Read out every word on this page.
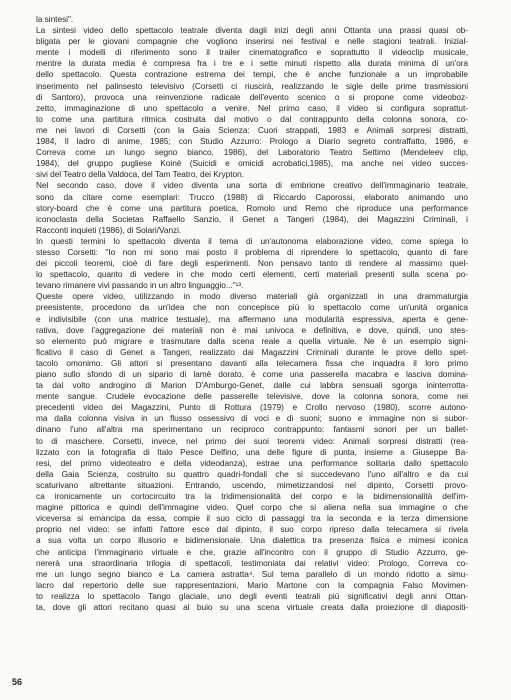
la sintesi".
La sintesi video dello spettacolo teatrale diventa dagli inizi degli anni Ottanta una prassi quasi ob-
bligata per le giovani compagnie che vogliono inserirsi nei festival e nelle stagioni teatrali. Inizial-
mente i modelli di riferimento sono il trailer cinematografico e soprattutto il videoclip musicale,
mentre la durata media è compresa fra i tre e i sette minuti rispetto alla durata minima di un'ora
dello spettacolo. Questa contrazione estrema dei tempi, che è anche funzionale a un improbabile
inserimento nel palinsesto televisivo (Corsetti ci riuscirà, realizzando le sigle delle prime trasmissioni
di Santoro), provoca una reinvenzione radicale dell'evento scenico o si propone come videoboz-
zetto, immaginazione di uno spettacolo a venire. Nel primo caso, il video si configura soprattut-
to come una partitura ritmica costruita dal motivo o dal contrappunto della colonna sonora, co-
me nei lavori di Corsetti (con la Gaia Scienza: Cuori strappati, 1983 e Animali sorpresi distratti,
1984, Il ladro di anime, 1985; con Studio Azzurro: Prologo a Diario segreto contraffatto, 1986, e
Correva come un lungo segno bianco, 1986), del Laboratorio Teatro Settimo (Mendeleev clip,
1984), del gruppo pugliese Koinè (Suicidi e omicidi acrobatici,1985), ma anche nei video succes-
sivi del Teatro della Valdoca, del Tam Teatro, dei Krypton.
Nel secondo caso, dove il video diventa una sorta di embrione creativo dell'immaginario teatrale,
sono da citare come esemplari: Trucco (1988) di Riccardo Caporossi, elaborato animando uno
story-board che è come una partitura poetica, Romolo und Remo che riproduce una performance
iconoclasta della Societas Raffaello Sanzio, il Genet a Tangeri (1984), dei Magazzini Criminali, i
Racconti inquieti (1986), di Solari/Vanzi.
In questi termini lo spettacolo diventa il tema di un'autonoma elaborazione video, come spiega lo
stesso Corsetti: "Io non mi sono mai posto il problema di riprendere lo spettacolo, quanto di fare
dei piccoli teoremi, cioè di fare degli esperimenti. Non pensavo tanto di rendere al massimo quel-
lo spettacolo, quanto di vedere in che modo certi elementi, certi materiali presenti sulla scena po-
tevano rimanere vivi passando in un altro linguaggio..."¹³.
Queste opere video, utilizzando in modo diverso materiali già organizzati in una drammaturgia
preesistente, procedono da un'idea che non concepisce più lo spettacolo come un'unità organica
e indivisibile (con una matrice testuale), ma affermano una modularità espressiva, aperta e gene-
rativa, dove l'aggregazione dei materiali non è mai univoca e definitiva, e dove, quindi, uno stes-
so elemento può migrare e trasmutare dalla scena reale a quella virtuale. Ne è un esempio signi-
ficativo il caso di Genet a Tangeri, realizzato dai Magazzini Criminali durante le prove dello spet-
tacolo omonimo. Gli attori si presentano davanti alla telecamera fissa che inquadra il loro primo
piano sullo sfondo di un sipario di lamè dorato, è come una passerella macabra e lasciva domina-
ta dal volto androgino di Marion D'Amburgo-Genet, dalle cui labbra sensuali sgorga ininterrotta-
mente sangue. Crudele evocazione delle passerelle televisive, dove la colonna sonora, come nei
precedenti video dei Magazzini, Punto di Rottura (1979) e Crollo nervoso (1980), scorre autono-
ma dalla colonna visiva in un flusso ossessivo di voci e di suoni; suono e immagine non si subor-
dinano l'uno all'altra ma sperimentano un reciproco contrappunto: fantasmi sonori per un ballet-
to di maschere. Corsetti, invece, nel primo dei suoi teoremi video: Animali sorpresi distratti (rea-
lizzato con la fotografia di Italo Pesce Delfino, una delle figure di punta, insieme a Giuseppe Ba-
resi, del primo videoteatro e della videodanza), estrae una performance solitaria dallo spettacolo
della Gaia Scienza, costruito su quattro quadri-fondali che si succedevano l'uno all'altro e da cui
scaturivano altrettante situazioni. Entrando, uscendo, mimetizzandosi nel dipinto, Corsetti provo-
ca ironicamente un cortocircuito tra la tridimensionalità del corpo e la bidimensionalità dell'im-
magine pittorica e quindi dell'immagine video. Quel corpo che si aliena nella sua immagine o che
viceversa si emancipa da essa, compie il suo ciclo di passaggi tra la seconda e la terza dimensione
proprio nel video: se infatti l'attore esce dal dipinto, il suo corpo ripreso dalla telecamera si rivela
a sua volta un corpo illusorio e bidimensionale. Una dialettica tra presenza fisica e mimesi iconica
che anticipa l'immaginario virtuale e che, grazie all'incontro con il gruppo di Studio Azzurro, ge-
nererà una straordinaria trilogia di spettacoli, testimoniata dai relativi video: Prologo, Correva co-
me un lungo segno bianco e La camera astratta⁴. Sul tema parallelo di un mondo ridotto a simu-
lacro dal repertorio delle sue rappresentazioni, Mario Martone con la compagnia Falso Movimen-
to realizza lo spettacolo Tango glaciale, uno degli eventi teatrali più significativi degli anni Ottan-
ta, dove gli attori recitano quasi al buio su una scena virtuale creata dalla proiezione di diapositi-
56
